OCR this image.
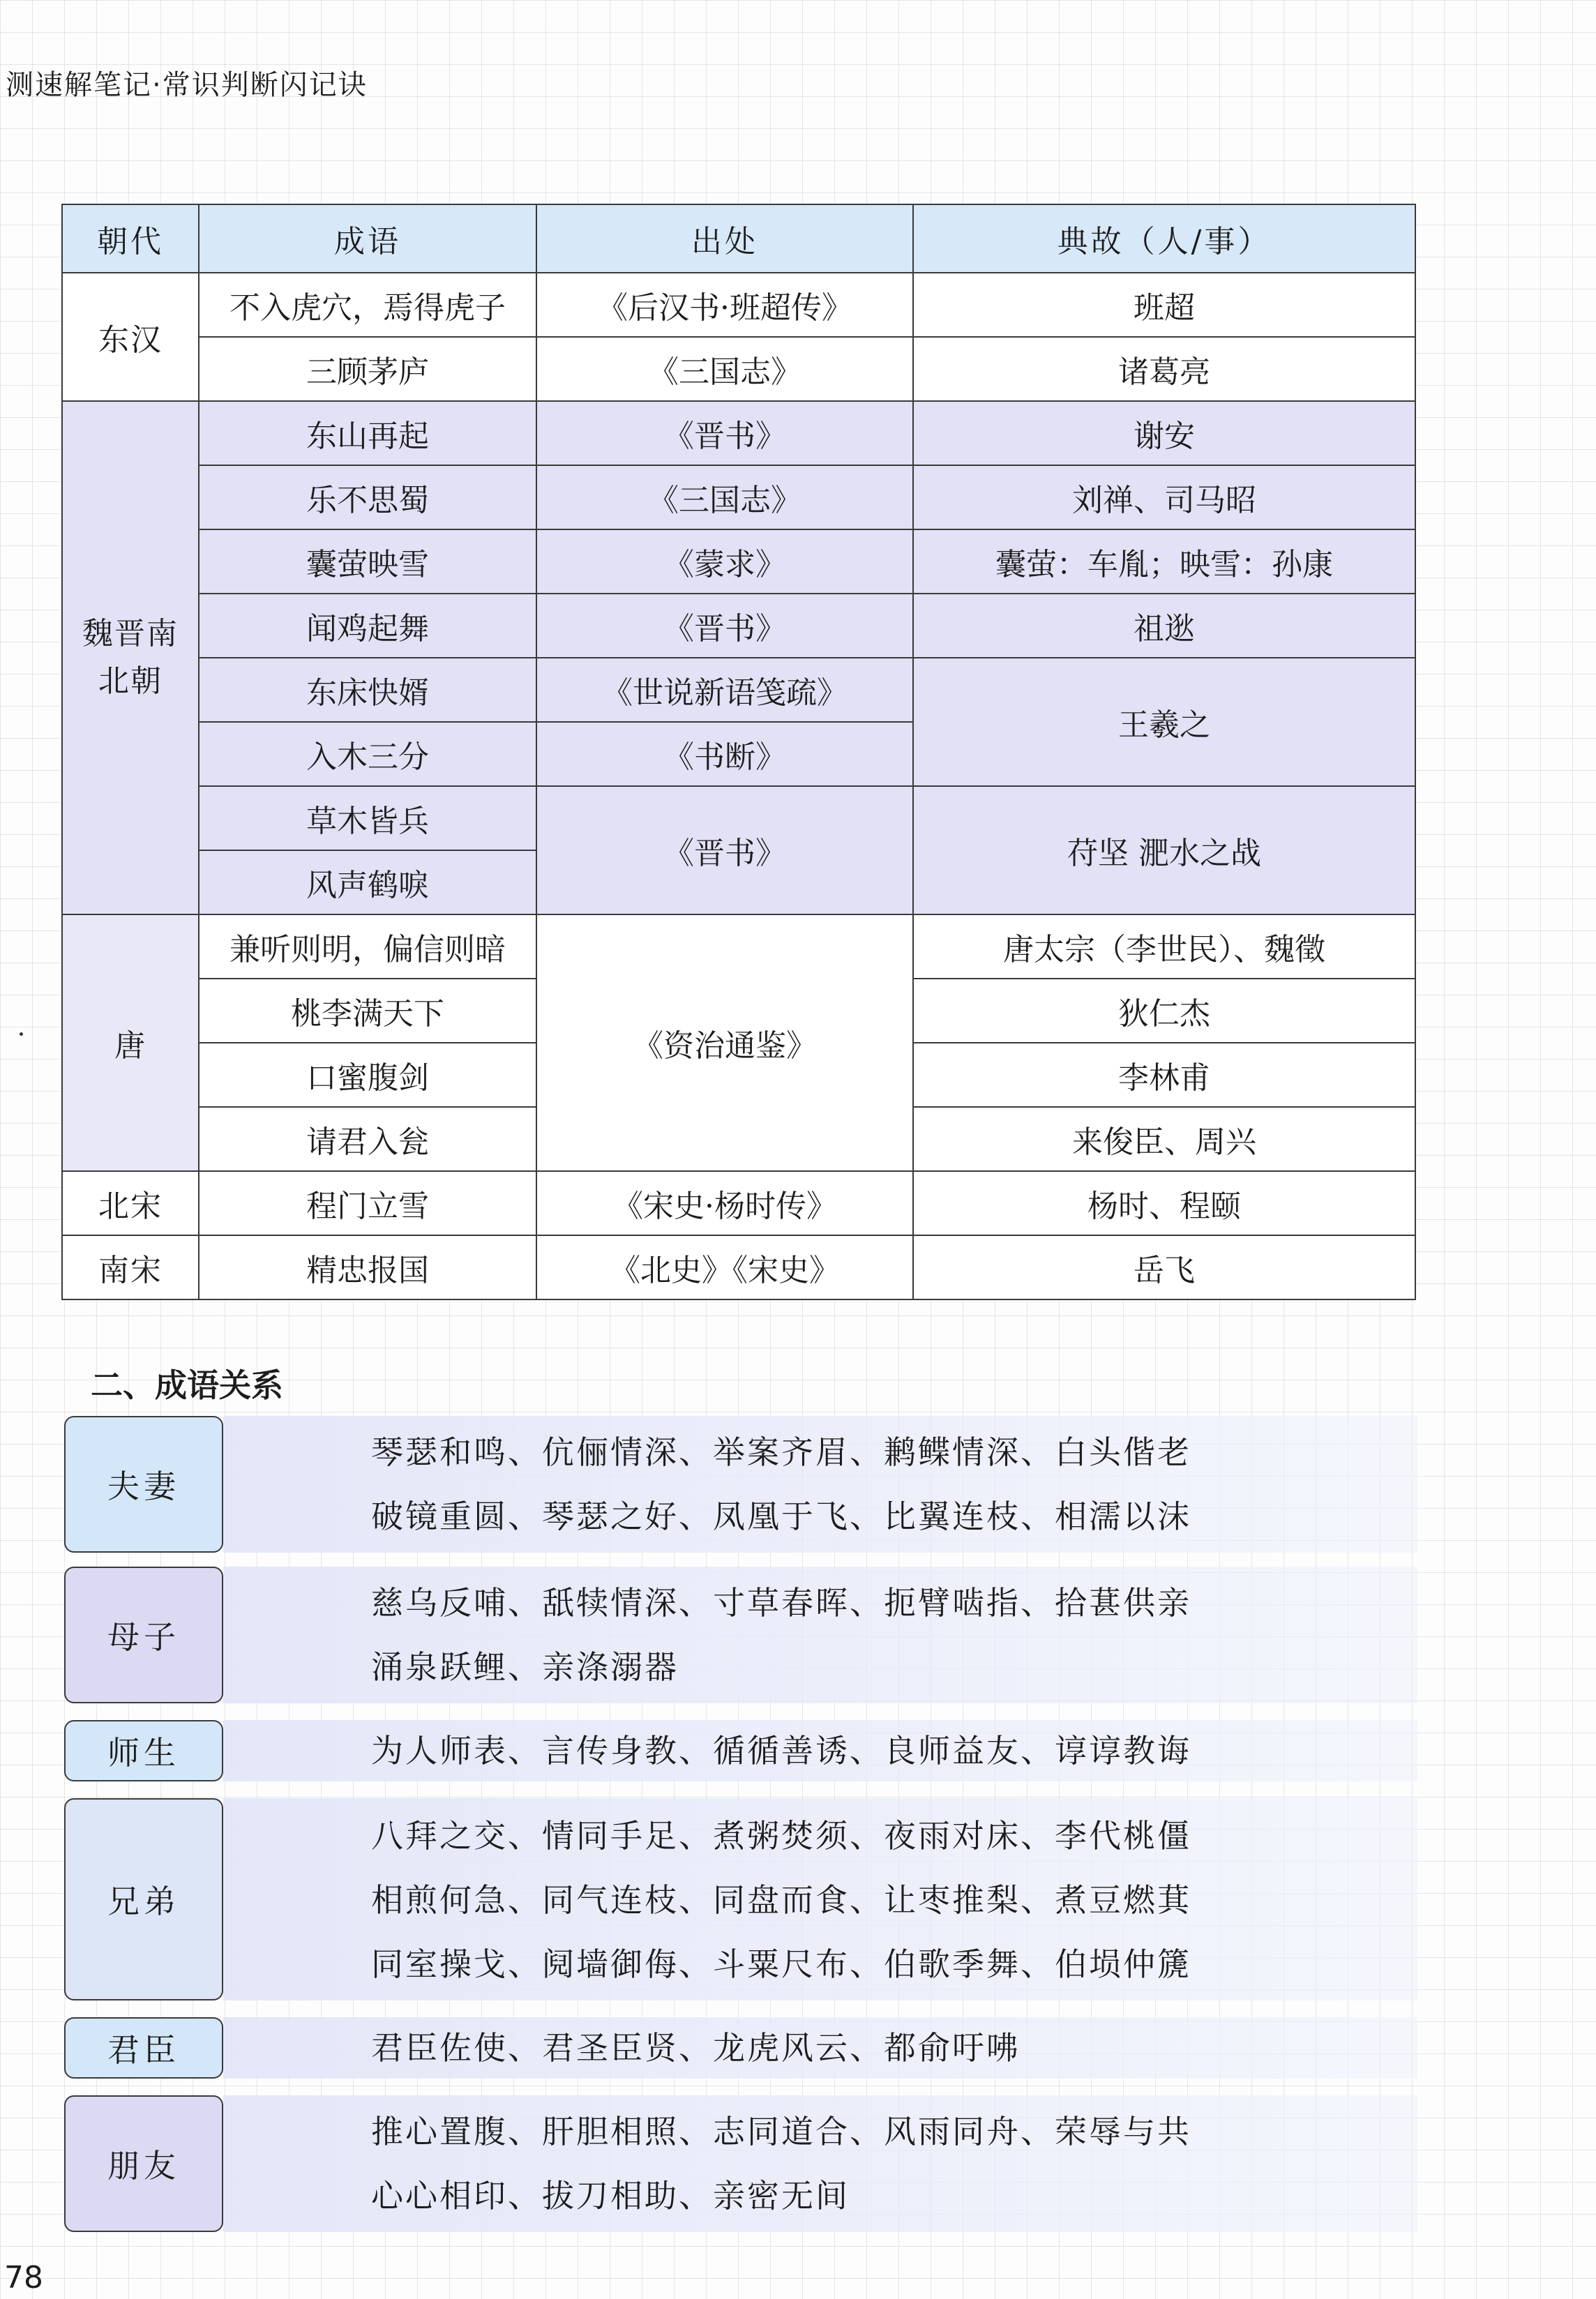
测速解笔记·常识判断闪记诀
朝代	成语	出处	典故（人/事）
东汉	不入虎穴，焉得虎子	《后汉书·班超传》	班超
	三顾茅庐	《三国志》	诸葛亮
魏晋南北朝	东山再起	《晋书》	谢安
	乐不思蜀	《三国志》	刘禅、司马昭
	囊萤映雪	《蒙求》	囊萤：车胤；映雪：孙康
	闻鸡起舞	《晋书》	祖逖
	东床快婿	《世说新语笺疏》	王羲之
	入木三分	《书断》	
	草木皆兵	《晋书》	苻坚 淝水之战
	风声鹤唳		
唐	兼听则明，偏信则暗	《资治通鉴》	唐太宗（李世民）、魏徵
	桃李满天下		狄仁杰
	口蜜腹剑		李林甫
	请君入瓮		来俊臣、周兴
北宋	程门立雪	《宋史·杨时传》	杨时、程颐
南宋	精忠报国	《北史》《宋史》	岳飞
二、成语关系
夫妻
琴瑟和鸣、伉俪情深、举案齐眉、鹣鲽情深、白头偕老
破镜重圆、琴瑟之好、凤凰于飞、比翼连枝、相濡以沫
母子
慈乌反哺、舐犊情深、寸草春晖、扼臂啮指、拾葚供亲
涌泉跃鲤、亲涤溺器
师生	为人师表、言传身教、循循善诱、良师益友、谆谆教诲
兄弟
八拜之交、情同手足、煮粥焚须、夜雨对床、李代桃僵
相煎何急、同气连枝、同盘而食、让枣推梨、煮豆燃萁
同室操戈、阋墙御侮、斗粟尺布、伯歌季舞、伯埙仲篪
君臣	君臣佐使、君圣臣贤、龙虎风云、都俞吁咈
朋友
推心置腹、肝胆相照、志同道合、风雨同舟、荣辱与共
心心相印、拔刀相助、亲密无间
78
